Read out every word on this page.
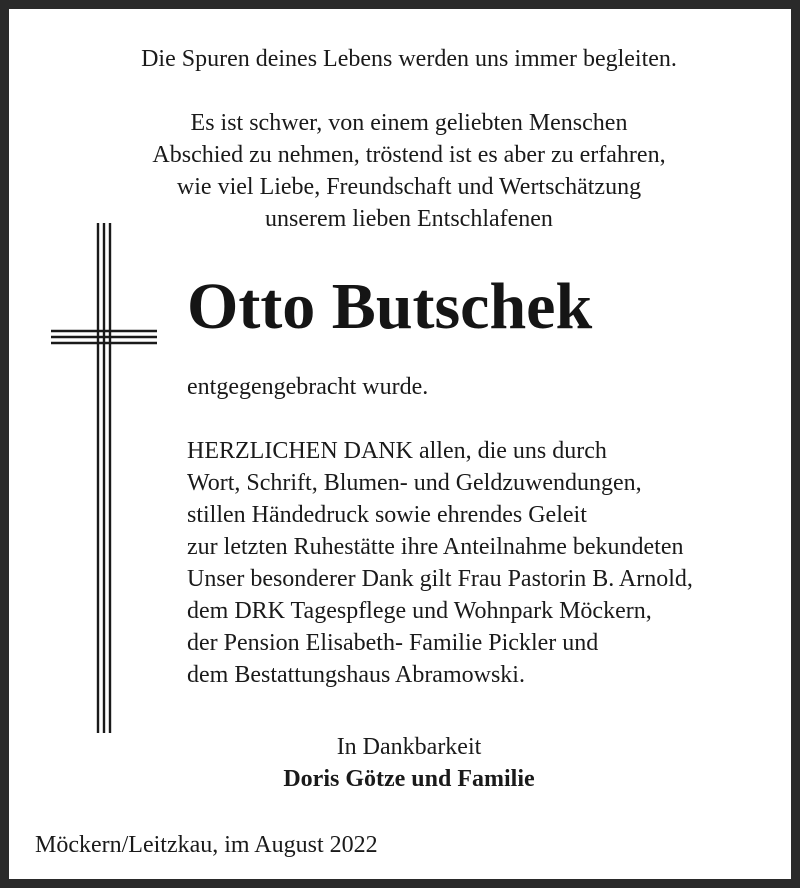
Die Spuren deines Lebens werden uns immer begleiten.
Es ist schwer, von einem geliebten Menschen
Abschied zu nehmen, tröstend ist es aber zu erfahren,
wie viel Liebe, Freundschaft und Wertschätzung
unserem lieben Entschlafenen
Otto Butschek
entgegengebracht wurde.
HERZLICHEN DANK allen, die uns durch
Wort, Schrift, Blumen- und Geldzuwendungen,
stillen Händedruck sowie ehrendes Geleit
zur letzten Ruhestätte ihre Anteilnahme bekundeten
Unser besonderer Dank gilt Frau Pastorin B. Arnold,
dem DRK Tagespflege und Wohnpark Möckern,
der Pension Elisabeth- Familie Pickler und
dem Bestattungshaus Abramowski.
In Dankbarkeit
Doris Götze und Familie
Möckern/Leitzkau, im August 2022
